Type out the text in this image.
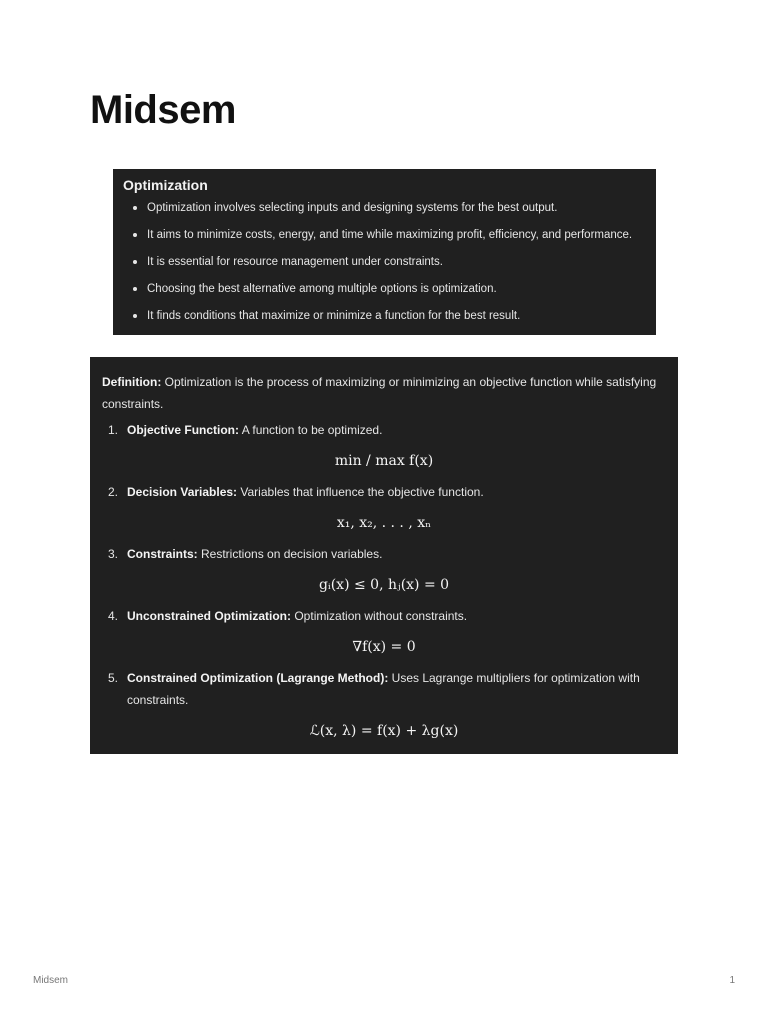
Midsem
Optimization
Optimization involves selecting inputs and designing systems for the best output.
It aims to minimize costs, energy, and time while maximizing profit, efficiency, and performance.
It is essential for resource management under constraints.
Choosing the best alternative among multiple options is optimization.
It finds conditions that maximize or minimize a function for the best result.

Definition: Optimization is the process of maximizing or minimizing an objective function while satisfying constraints.

1. Objective Function: A function to be optimized.
min / max f(x)
2. Decision Variables: Variables that influence the objective function.
x₁, x₂, . . . , xₙ
3. Constraints: Restrictions on decision variables.
gᵢ(x) ≤ 0, hⱼ(x) = 0
4. Unconstrained Optimization: Optimization without constraints.
∇f(x) = 0
5. Constrained Optimization (Lagrange Method): Uses Lagrange multipliers for optimization with constraints.
ℒ(x, λ) = f(x) + λg(x)
Midsem	1
